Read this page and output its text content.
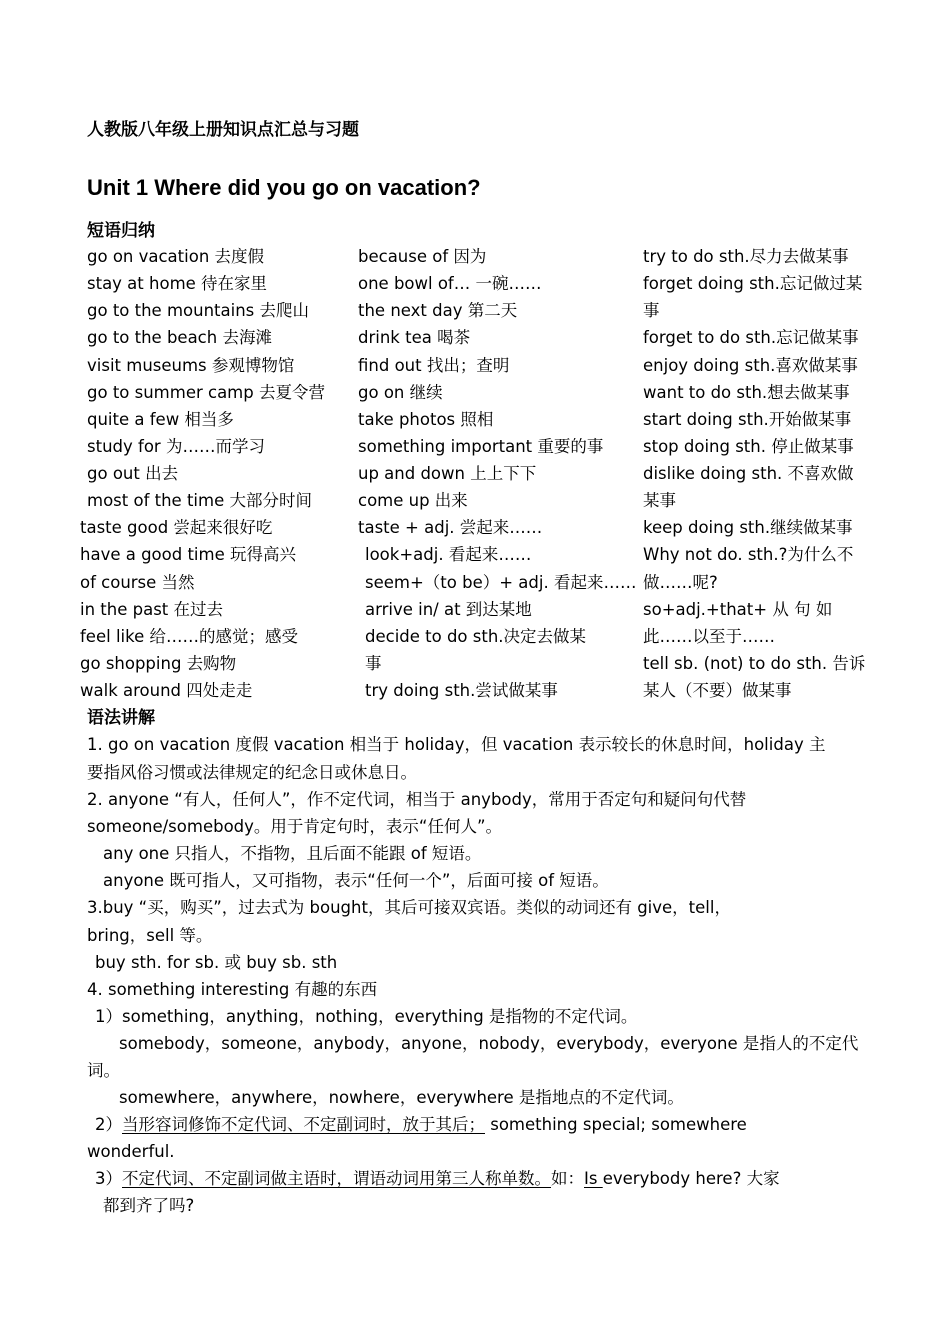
人教版八年级上册知识点汇总与习题
Unit 1 Where did you go on vacation?
短语归纳
go on vacation 去度假
stay at home 待在家里
go to the mountains 去爬山
go to the beach 去海滩
visit museums 参观博物馆
go to summer camp 去夏令营
quite a few 相当多
study for 为……而学习
go out 出去
most of the time 大部分时间
taste good 尝起来很好吃
have a good time 玩得高兴
of course 当然
in the past 在过去
feel like 给……的感觉；感受
go shopping 去购物
walk around 四处走走
because of 因为
one bowl of… 一碗……
the next day 第二天
drink tea 喝茶
find out 找出；查明
go on 继续
take photos 照相
something important 重要的事
up and down 上上下下
come up 出来
taste + adj. 尝起来……
look+adj. 看起来……
seem+（to be）+ adj. 看起来……
arrive in/ at 到达某地
decide to do sth.决定去做某
事
try doing sth.尝试做某事
try to do sth.尽力去做某事
forget doing sth.忘记做过某
事
forget to do sth.忘记做某事
enjoy doing sth.喜欢做某事
want to do sth.想去做某事
start doing sth.开始做某事
stop doing sth. 停止做某事
dislike doing sth. 不喜欢做
某事
keep doing sth.继续做某事
Why not do. sth.?为什么不
做……呢?
so+adj.+that+ 从 句 如
此……以至于……
tell sb. (not) to do sth. 告诉
某人（不要）做某事
语法讲解
1. go on vacation 度假 vacation 相当于 holiday，但 vacation 表示较长的休息时间，holiday 主
要指风俗习惯或法律规定的纪念日或休息日。
2. anyone “有人，任何人”，作不定代词，相当于 anybody，常用于否定句和疑问句代替
someone/somebody。用于肯定句时，表示“任何人”。
any one 只指人，不指物，且后面不能跟 of 短语。
anyone 既可指人，又可指物，表示“任何一个”，后面可接 of 短语。
3.buy “买，购买”，过去式为 bought，其后可接双宾语。类似的动词还有 give，tell，
bring，sell 等。
buy sth. for sb. 或 buy sb. sth
4. something interesting 有趣的东西
1）something，anything，nothing，everything 是指物的不定代词。
somebody，someone，anybody，anyone，nobody，everybody，everyone 是指人的不定代
词。
somewhere，anywhere，nowhere，everywhere 是指地点的不定代词。
2）当形容词修饰不定代词、不定副词时，放于其后； something special; somewhere
wonderful.
3）不定代词、不定副词做主语时，谓语动词用第三人称单数。如：Is everybody here? 大家
都到齐了吗?
